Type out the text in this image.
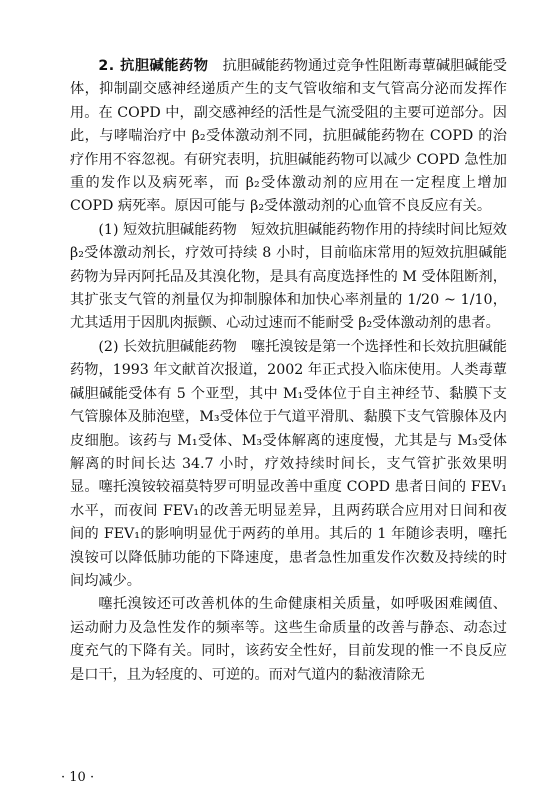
2. 抗胆碱能药物　抗胆碱能药物通过竞争性阻断毒蕈碱胆碱能受体，抑制副交感神经递质产生的支气管收缩和支气管高分泌而发挥作用。在 COPD 中，副交感神经的活性是气流受阻的主要可逆部分。因此，与哮喘治疗中 β₂受体激动剂不同，抗胆碱能药物在 COPD 的治疗作用不容忽视。有研究表明，抗胆碱能药物可以减少 COPD 急性加重的发作以及病死率，而 β₂受体激动剂的应用在一定程度上增加 COPD 病死率。原因可能与 β₂受体激动剂的心血管不良反应有关。

(1) 短效抗胆碱能药物　短效抗胆碱能药物作用的持续时间比短效 β₂受体激动剂长，疗效可持续 8 小时，目前临床常用的短效抗胆碱能药物为异丙阿托品及其溴化物，是具有高度选择性的 M 受体阻断剂，其扩张支气管的剂量仅为抑制腺体和加快心率剂量的 1/20 ~ 1/10，尤其适用于因肌肉振颤、心动过速而不能耐受 β₂受体激动剂的患者。

(2) 长效抗胆碱能药物　噻托溴铵是第一个选择性和长效抗胆碱能药物，1993 年文献首次报道，2002 年正式投入临床使用。人类毒蕈碱胆碱能受体有 5 个亚型，其中 M₁受体位于自主神经节、黏膜下支气管腺体及肺泡壁，M₃受体位于气道平滑肌、黏膜下支气管腺体及内皮细胞。该药与 M₁受体、M₃受体解离的速度慢，尤其是与 M₃受体解离的时间长达 34.7 小时，疗效持续时间长，支气管扩张效果明显。噻托溴铵较福莫特罗可明显改善中重度 COPD 患者日间的 FEV₁水平，而夜间 FEV₁的改善无明显差异，且两药联合应用对日间和夜间的 FEV₁的影响明显优于两药的单用。其后的 1 年随诊表明，噻托溴铵可以降低肺功能的下降速度，患者急性加重发作次数及持续的时间均减少。

噻托溴铵还可改善机体的生命健康相关质量，如呼吸困难阈值、运动耐力及急性发作的频率等。这些生命质量的改善与静态、动态过度充气的下降有关。同时，该药安全性好，目前发现的惟一不良反应是口干，且为轻度的、可逆的。而对气道内的黏液清除无

· 10 ·
